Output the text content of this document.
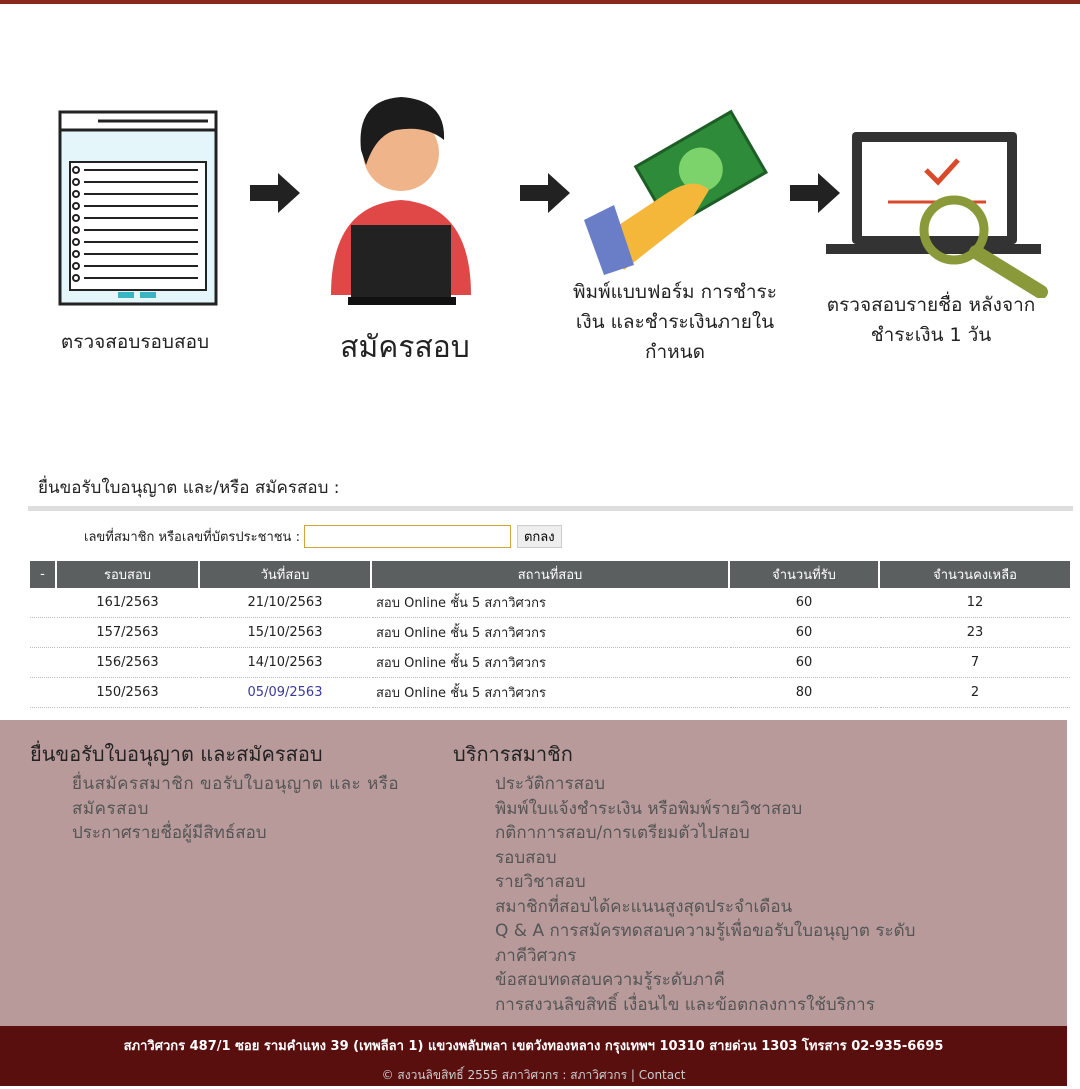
ตรวจสอบรอบสอบ	สมัครสอบ
พิมพ์แบบฟอร์ม การชำระเงิน และชำระเงินภายใน กำหนด
ตรวจสอบรายชื่อ หลังจากชำระเงิน 1 วัน
ยื่นขอรับใบอนุญาต และ/หรือ สมัครสอบ :
เลขที่สมาชิก หรือเลขที่บัตรประชาชน :	ตกลง
-	รอบสอบ	วันที่สอบ	สถานที่สอบ	จำนวนที่รับ	จำนวนคงเหลือ
	161/2563	21/10/2563	สอบ Online ชั้น 5 สภาวิศวกร	60	12
	157/2563	15/10/2563	สอบ Online ชั้น 5 สภาวิศวกร	60	23
	156/2563	14/10/2563	สอบ Online ชั้น 5 สภาวิศวกร	60	7
	150/2563	05/09/2563	สอบ Online ชั้น 5 สภาวิศวกร	80	2
ยื่นขอรับใบอนุญาต และสมัครสอบ
ยื่นสมัครสมาชิก ขอรับใบอนุญาต และ หรือ สมัครสอบ
ประกาศรายชื่อผู้มีสิทธ์สอบ
บริการสมาชิก
ประวัติการสอบ
พิมพ์ใบแจ้งชำระเงิน หรือพิมพ์รายวิชาสอบ
กติกาการสอบ/การเตรียมตัวไปสอบ
รอบสอบ
รายวิชาสอบ
สมาชิกที่สอบได้คะแนนสูงสุดประจำเดือน
Q & A การสมัครทดสอบความรู้เพื่อขอรับใบอนุญาต ระดับภาคีวิศวกร
ข้อสอบทดสอบความรู้ระดับภาคี
การสงวนลิขสิทธิ์ เงื่อนไข และข้อตกลงการใช้บริการ
สภาวิศวกร 487/1 ซอย รามคำแหง 39 (เทพลีลา 1) แขวงพลับพลา เขตวังทองหลาง กรุงเทพฯ 10310 สายด่วน 1303 โทรสาร 02-935-6695
© สงวนลิขสิทธิ์ 2555 สภาวิศวกร : สภาวิศวกร | Contact
